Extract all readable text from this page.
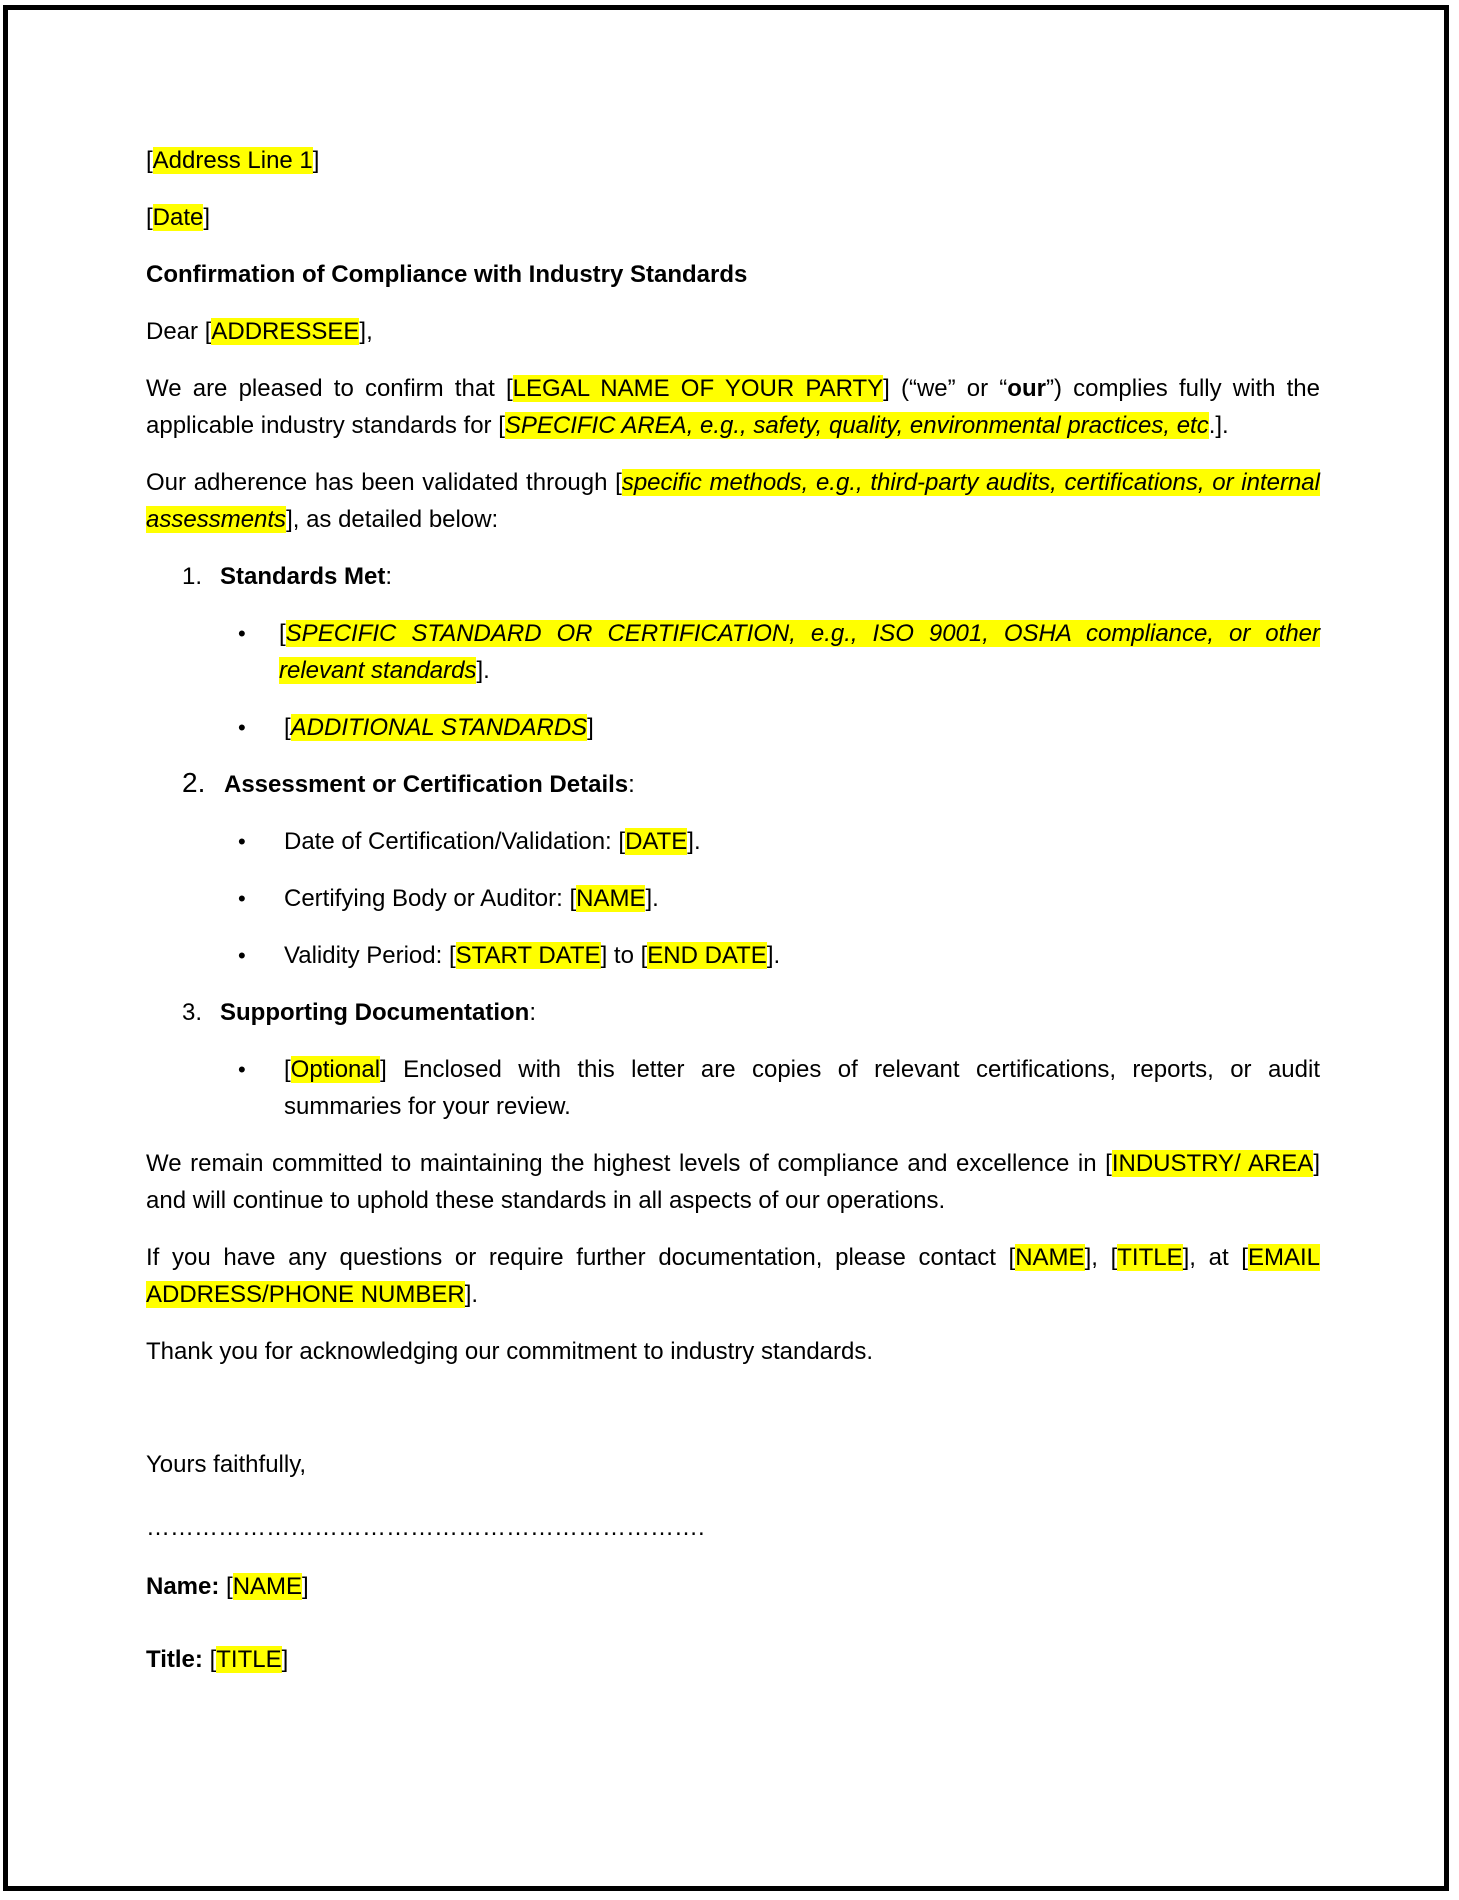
[Address Line 1]

[Date]

Confirmation of Compliance with Industry Standards

Dear [ADDRESSEE],

We are pleased to confirm that [LEGAL NAME OF YOUR PARTY] (“we” or “our”) complies fully with the applicable industry standards for [SPECIFIC AREA, e.g., safety, quality, environmental practices, etc.].

Our adherence has been validated through [specific methods, e.g., third-party audits, certifications, or internal assessments], as detailed below:

1. Standards Met:
• [SPECIFIC STANDARD OR CERTIFICATION, e.g., ISO 9001, OSHA compliance, or other relevant standards].
• [ADDITIONAL STANDARDS]
2. Assessment or Certification Details:
• Date of Certification/Validation: [DATE].
• Certifying Body or Auditor: [NAME].
• Validity Period: [START DATE] to [END DATE].
3. Supporting Documentation:
• [Optional] Enclosed with this letter are copies of relevant certifications, reports, or audit summaries for your review.

We remain committed to maintaining the highest levels of compliance and excellence in [INDUSTRY/ AREA] and will continue to uphold these standards in all aspects of our operations.

If you have any questions or require further documentation, please contact [NAME], [TITLE], at [EMAIL ADDRESS/PHONE NUMBER].

Thank you for acknowledging our commitment to industry standards.

Yours faithfully,

…………………………………………………………….

Name: [NAME]

Title: [TITLE]
